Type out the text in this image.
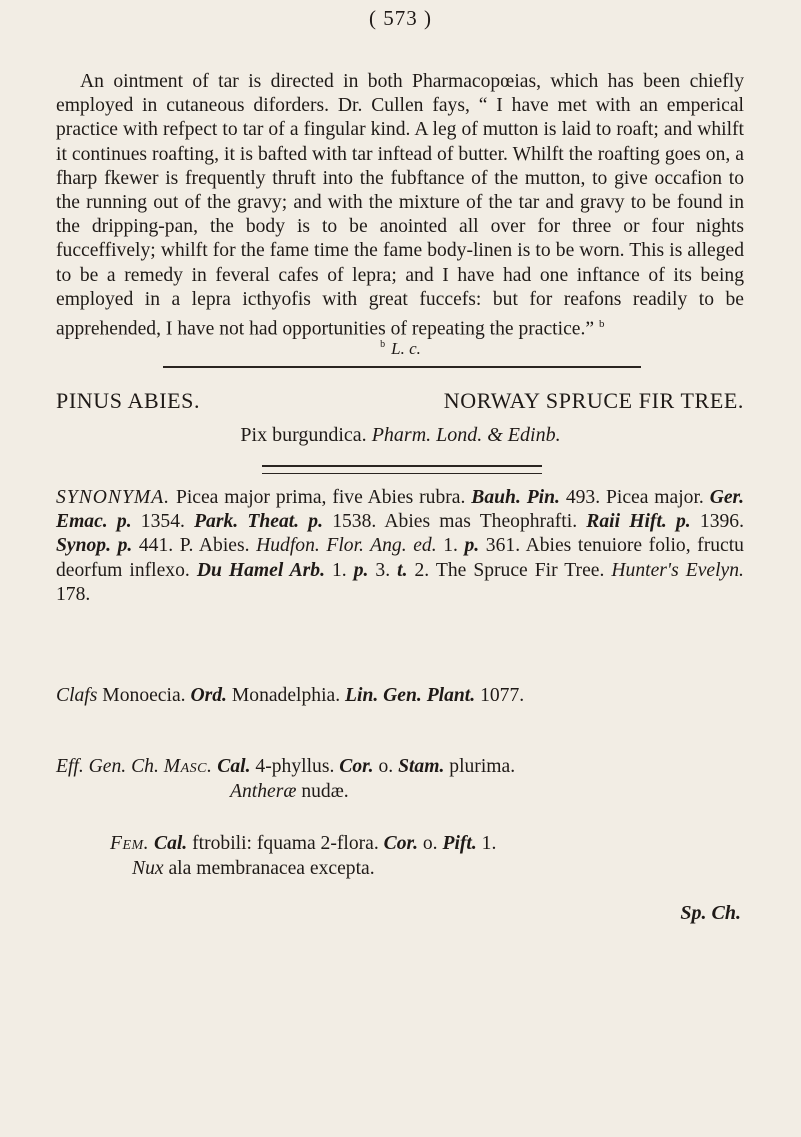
( 573 )

An ointment of tar is directed in both Pharmacopœias, which has been chiefly employed in cutaneous diforders. Dr. Cullen fays, “ I have met with an emperical practice with refpect to tar of a fingular kind. A leg of mutton is laid to roaft; and whilft it continues roafting, it is bafted with tar inftead of butter. Whilft the roafting goes on, a fharp fkewer is frequently thruft into the fubftance of the mutton, to give occafion to the running out of the gravy; and with the mixture of the tar and gravy to be found in the dripping-pan, the body is to be anointed all over for three or four nights fucceffively; whilft for the fame time the fame body-linen is to be worn. This is alleged to be a remedy in feveral cafes of lepra; and I have had one inftance of its being employed in a lepra icthyofis with great fuccefs: but for reafons readily to be apprehended, I have not had opportunities of repeating the practice.” $^b$

$^b$ L. c.
PINUS ABIES.	NORWAY SPRUCE FIR TREE.
Pix burgundica. Pharm. Lond. & Edinb.

SYNONYMA. Picea major prima, five Abies rubra. Bauh. Pin. 493. Picea major. Ger. Emac. p. 1354. Park. Theat. p. 1538. Abies mas Theophrafti. Raii Hift. p. 1396. Synop. p. 441. P. Abies. Hudfon. Flor. Ang. ed. 1. p. 361. Abies tenuiore folio, fructu deorfum inflexo. Du Hamel Arb. 1. p. 3. t. 2. The Spruce Fir Tree. Hunter's Evelyn. 178.

Clafs Monoecia. Ord. Monadelphia. Lin. Gen. Plant. 1077.
Eff. Gen. Ch. Masc. Cal. 4-phyllus. Cor. o. Stam. plurima.
Antheræ nudæ.
Fem. Cal. ftrobili: fquama 2-flora. Cor. o. Pift. 1.
Nux ala membranacea excepta.
Sp. Ch.
